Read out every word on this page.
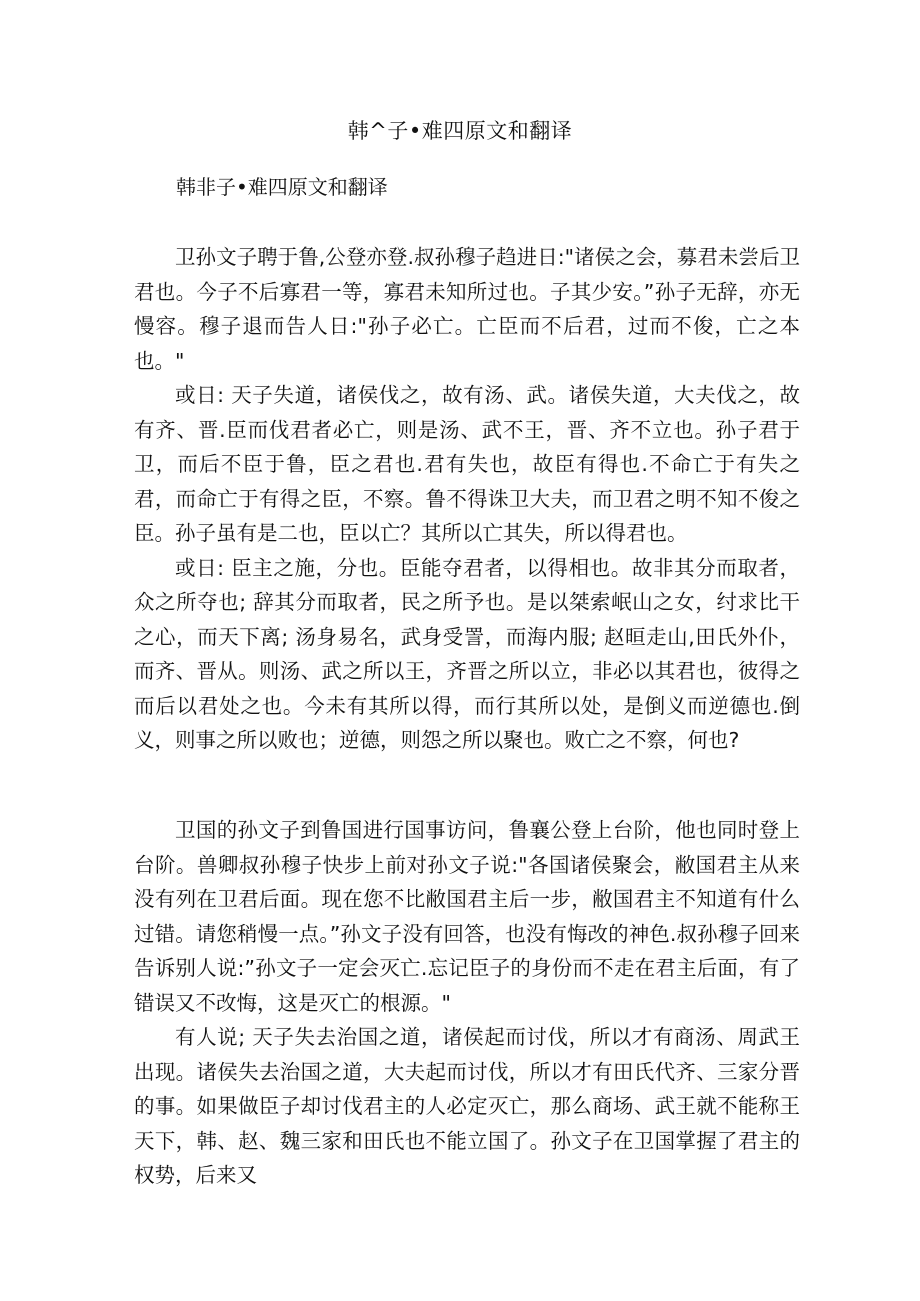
韩^子•难四原文和翻译
韩非子•难四原文和翻译

卫孙文子聘于鲁,公登亦登.叔孙穆子趋进日:"诸侯之会，募君未尝后卫君也。今子不后寡君一等，寡君未知所过也。子其少安。”孙子无辞，亦无慢容。穆子退而告人日:"孙子必亡。亡臣而不后君，过而不俊，亡之本也。"

或日: 天子失道，诸侯伐之，故有汤、武。诸侯失道，大夫伐之，故有齐、晋.臣而伐君者必亡，则是汤、武不王，晋、齐不立也。孙子君于卫，而后不臣于鲁，臣之君也.君有失也，故臣有得也.不命亡于有失之君，而命亡于有得之臣，不察。鲁不得诛卫大夫，而卫君之明不知不俊之臣。孙子虽有是二也，臣以亡？其所以亡其失，所以得君也。

或日: 臣主之施，分也。臣能夺君者，以得相也。故非其分而取者，众之所夺也; 辞其分而取者，民之所予也。是以桀索岷山之女，纣求比干之心，而天下离; 汤身易名，武身受詈，而海内服; 赵晅走山,田氏外仆，而齐、晋从。则汤、武之所以王，齐晋之所以立，非必以其君也，彼得之而后以君处之也。今未有其所以得，而行其所以处，是倒义而逆德也.倒义，则事之所以败也；逆德，则怨之所以聚也。败亡之不察，何也?

卫国的孙文子到鲁国进行国事访问，鲁襄公登上台阶，他也同时登上台阶。兽卿叔孙穆子快步上前对孙文子说:"各国诸侯聚会，敝国君主从来没有列在卫君后面。现在您不比敝国君主后一步，敝国君主不知道有什么过错。请您稍慢一点。”孙文子没有回答，也没有悔改的神色.叔孙穆子回来告诉别人说:”孙文子一定会灭亡.忘记臣子的身份而不走在君主后面，有了错误又不改悔，这是灭亡的根源。"

有人说; 天子失去治国之道，诸侯起而讨伐，所以才有商汤、周武王出现。诸侯失去治国之道，大夫起而讨伐，所以才有田氏代齐、三家分晋的事。如果做臣子却讨伐君主的人必定灭亡，那么商场、武王就不能称王天下，韩、赵、魏三家和田氏也不能立国了。孙文子在卫国掌握了君主的权势，后来又
